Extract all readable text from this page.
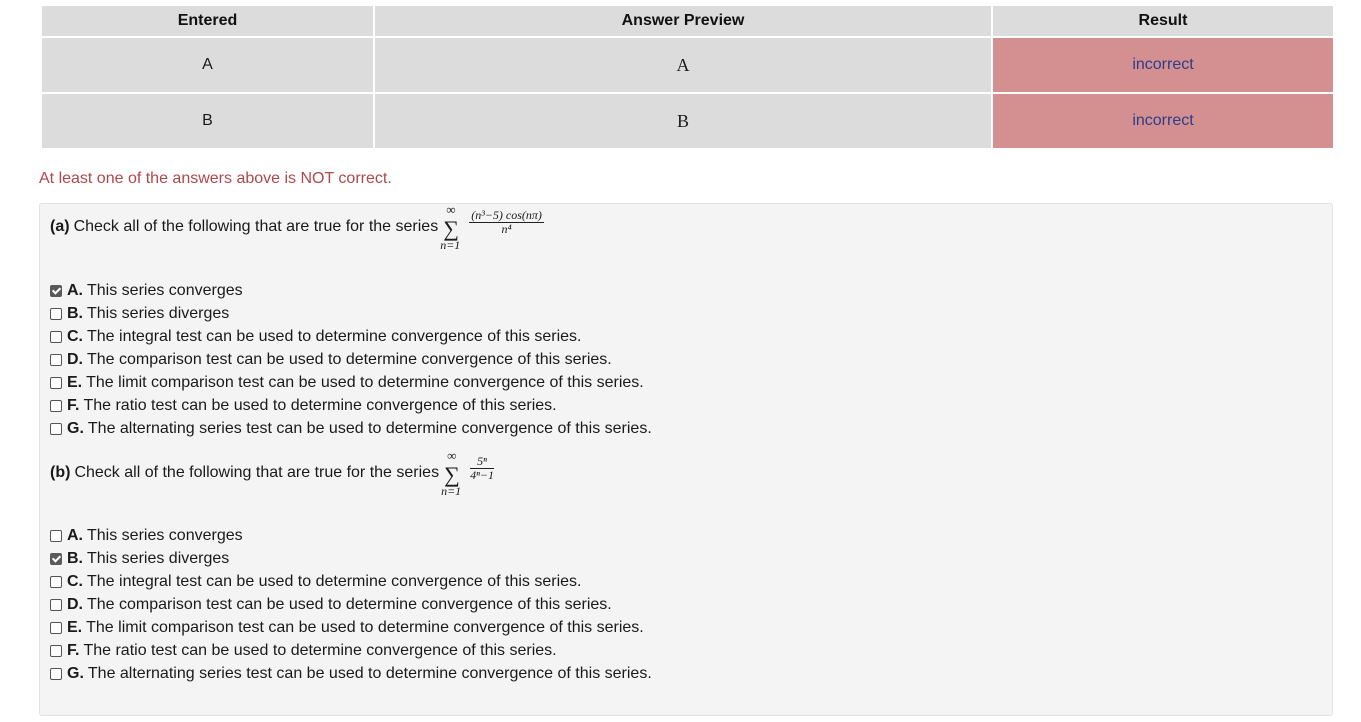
Entered	Answer Preview	Result
A	A	incorrect
B	B	incorrect
At least one of the answers above is NOT correct.
(a) Check all of the following that are true for the series
∞
∑
n=1
$\frac{\text{(n³−5) cos(nπ)}}{\text{n⁴}}$
A. This series converges
B. This series diverges
C. The integral test can be used to determine convergence of this series.
D. The comparison test can be used to determine convergence of this series.
E. The limit comparison test can be used to determine convergence of this series.
F. The ratio test can be used to determine convergence of this series.
G. The alternating series test can be used to determine convergence of this series.
(b) Check all of the following that are true for the series
∞
∑
n=1
$\frac{\text{5ⁿ}}{\text{4ⁿ−1}}$
A. This series converges
B. This series diverges
C. The integral test can be used to determine convergence of this series.
D. The comparison test can be used to determine convergence of this series.
E. The limit comparison test can be used to determine convergence of this series.
F. The ratio test can be used to determine convergence of this series.
G. The alternating series test can be used to determine convergence of this series.
